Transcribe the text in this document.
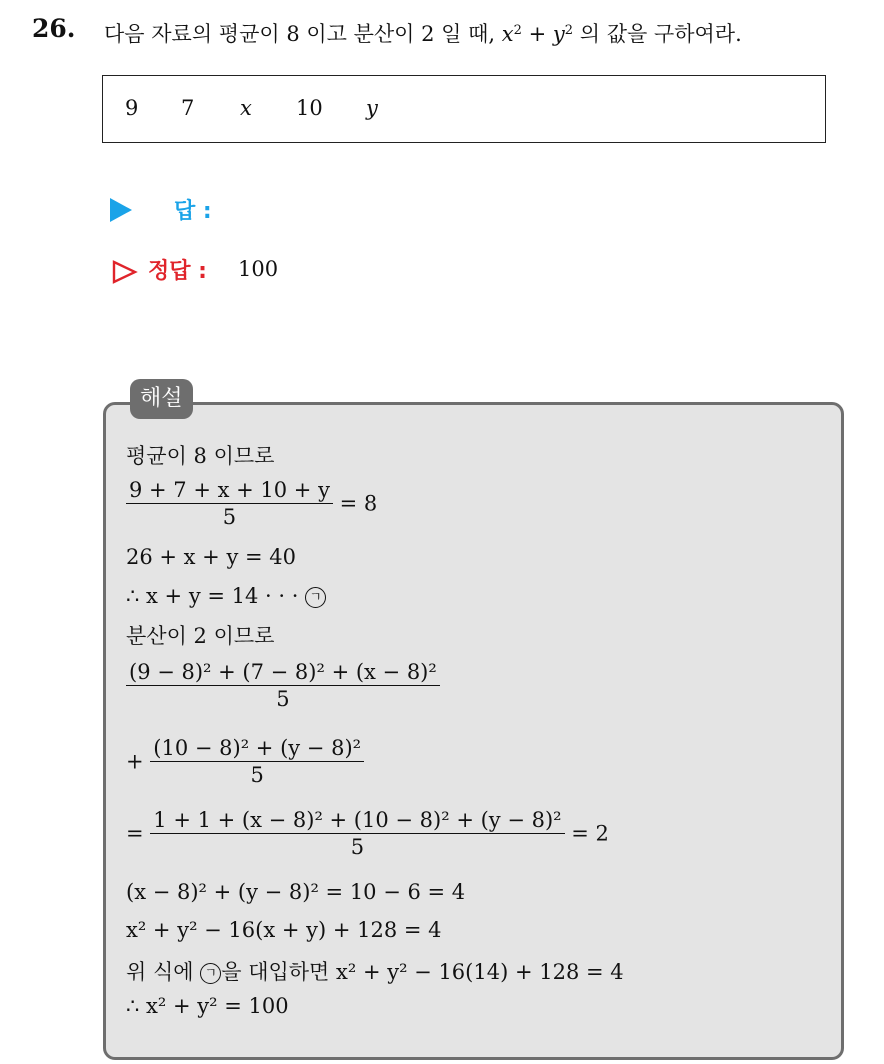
26. 다음 자료의 평균이 8 이고 분산이 2 일 때, $x^2 + y^2$ 의 값을 구하여라.
9 7 x 10 y
답 :
정답 : 100
해설
평균이 8 이므로
$\frac{9 + 7 + x + 10 + y}{5} = 8$
26 + x + y = 40
∴ x + y = 14 · · · ㄱ
분산이 2 이므로
$\frac{\text{(9 − 8)² + (7 − 8)² + (x − 8)²}}{5}$
+ $\frac{\text{(10 − 8)² + (y − 8)²}}{5}$
= $\frac{\text{1 + 1 + (x − 8)² + (10 − 8)² + (y − 8)²}}{5} = 2$
(x − 8)² + (y − 8)² = 10 − 6 = 4
x² + y² − 16(x + y) + 128 = 4
위 식에 ㄱ 을 대입하면 x² + y² − 16(14) + 128 = 4
∴ x² + y² = 100
